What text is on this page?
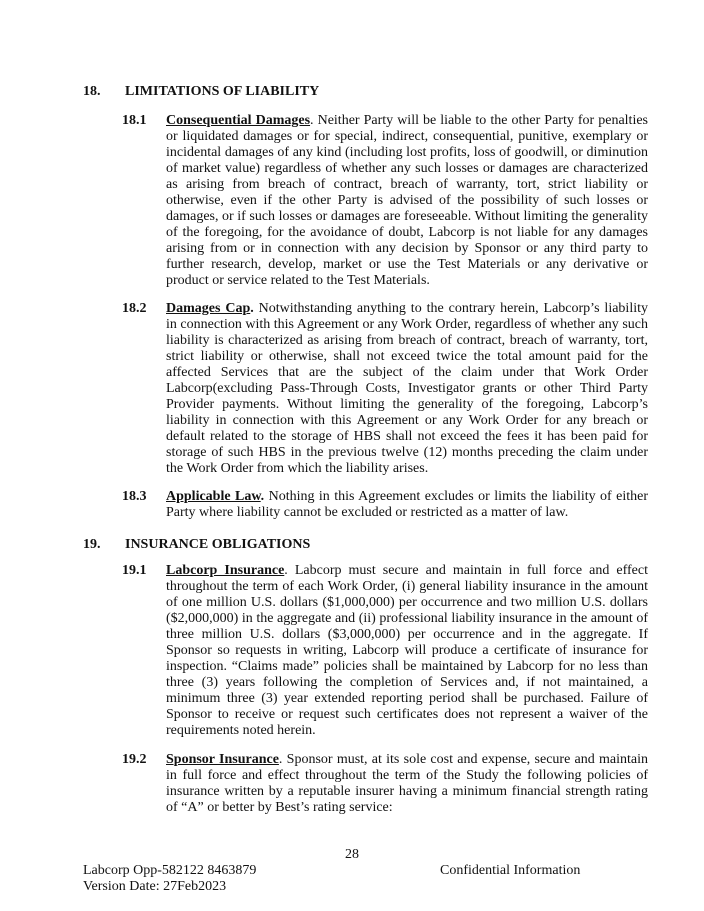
18. LIMITATIONS OF LIABILITY
18.1 Consequential Damages. Neither Party will be liable to the other Party for penalties or liquidated damages or for special, indirect, consequential, punitive, exemplary or incidental damages of any kind (including lost profits, loss of goodwill, or diminution of market value) regardless of whether any such losses or damages are characterized as arising from breach of contract, breach of warranty, tort, strict liability or otherwise, even if the other Party is advised of the possibility of such losses or damages, or if such losses or damages are foreseeable. Without limiting the generality of the foregoing, for the avoidance of doubt, Labcorp is not liable for any damages arising from or in connection with any decision by Sponsor or any third party to further research, develop, market or use the Test Materials or any derivative or product or service related to the Test Materials.

18.2 Damages Cap. Notwithstanding anything to the contrary herein, Labcorp’s liability in connection with this Agreement or any Work Order, regardless of whether any such liability is characterized as arising from breach of contract, breach of warranty, tort, strict liability or otherwise, shall not exceed twice the total amount paid for the affected Services that are the subject of the claim under that Work Order Labcorp(excluding Pass-Through Costs, Investigator grants or other Third Party Provider payments. Without limiting the generality of the foregoing, Labcorp’s liability in connection with this Agreement or any Work Order for any breach or default related to the storage of HBS shall not exceed the fees it has been paid for storage of such HBS in the previous twelve (12) months preceding the claim under the Work Order from which the liability arises.

18.3 Applicable Law. Nothing in this Agreement excludes or limits the liability of either Party where liability cannot be excluded or restricted as a matter of law.

19. INSURANCE OBLIGATIONS
19.1 Labcorp Insurance. Labcorp must secure and maintain in full force and effect throughout the term of each Work Order, (i) general liability insurance in the amount of one million U.S. dollars ($1,000,000) per occurrence and two million U.S. dollars ($2,000,000) in the aggregate and (ii) professional liability insurance in the amount of three million U.S. dollars ($3,000,000) per occurrence and in the aggregate. If Sponsor so requests in writing, Labcorp will produce a certificate of insurance for inspection. “Claims made” policies shall be maintained by Labcorp for no less than three (3) years following the completion of Services and, if not maintained, a minimum three (3) year extended reporting period shall be purchased. Failure of Sponsor to receive or request such certificates does not represent a waiver of the requirements noted herein.

19.2 Sponsor Insurance. Sponsor must, at its sole cost and expense, secure and maintain in full force and effect throughout the term of the Study the following policies of insurance written by a reputable insurer having a minimum financial strength rating of “A” or better by Best’s rating service:

28
Labcorp Opp-582122 8463879
Version Date: 27Feb2023
Confidential Information
